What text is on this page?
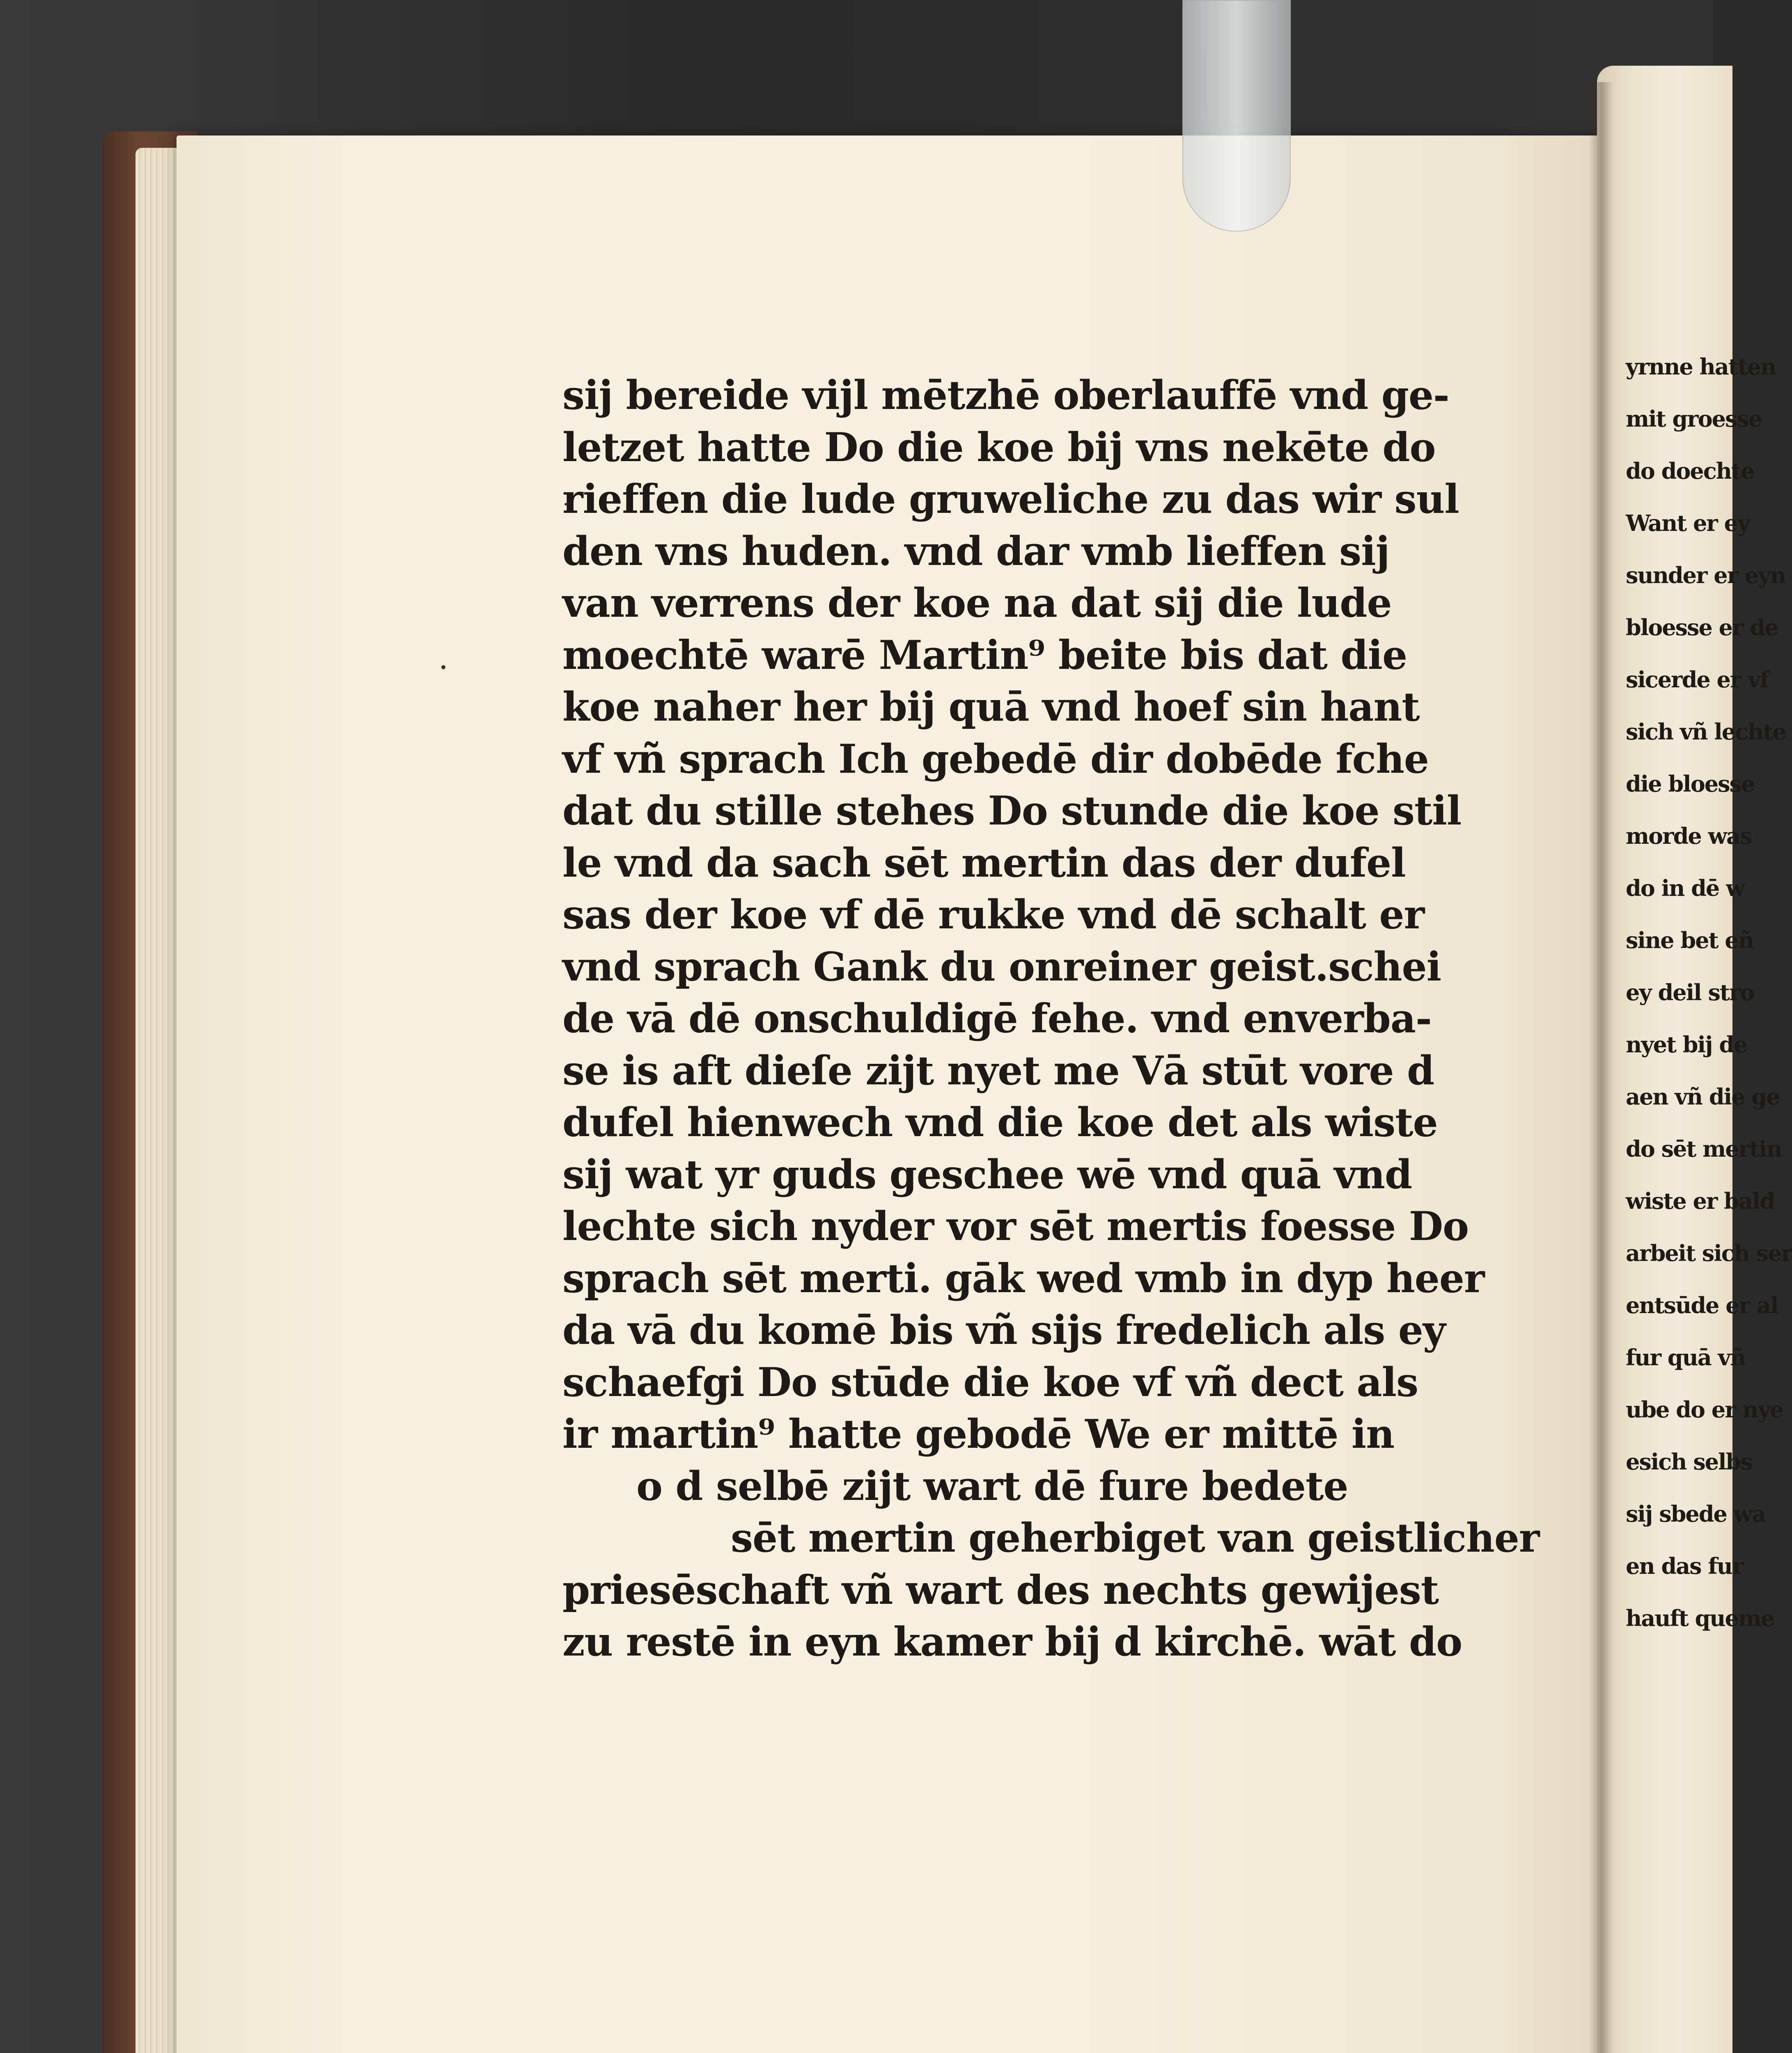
sij bereide vijl mētzhē oberlauffē vnd ge-
letzet hatte Do die koe bij vns nekēte do
rieffen die lude gruweliche zu das wir sul
den vns huden. vnd dar vmb lieffen sij
van verrens der koe na dat sij die lude
moechtē warē Martin⁹ beite bis dat die
koe naher her bij quā vnd hoef sin hant
vf vñ sprach Ich gebedē dir dobēde fche
dat du stille stehes Do stunde die koe stil
le vnd da sach sēt mertin das der dufel
sas der koe vf dē rukke vnd dē schalt er
vnd sprach Gank du onreiner geist.schei
de vā dē onschuldigē fehe. vnd enverba-
se is aft dieſe zijt nyet me Vā stūt vore d
dufel hienwech vnd die koe det als wiste
sij wat yr guds geschee wē vnd quā vnd
lechte sich nyder vor sēt mertis foesse Do
sprach sēt merti. gāk wed vmb in dyp heer
da vā du komē bis vñ sijs fredelich als ey
schaefgi Do stūde die koe vf vñ dect als
ir martin⁹ hatte gebodē We er mittē in
o d selbē zijt wart dē fure bedete
sēt mertin geherbiget van geistlicher
priesēschaft vñ wart des nechts gewijest
zu restē in eyn kamer bij d kirchē. wāt do
yrnne hatten
mit groesse
do doechte
Want er ey
sunder er eyn
bloesse er de
sicerde er vf
sich vñ lechte
die bloesse
morde was
do in dē w
sine bet eñ
ey deil stro
nyet bij de
aen vñ die ge
do sēt mertin
wiste er bald
arbeit sich ser
entsūde er al
fur quā vñ
ube do er nye
esich selbs
sij sbede wa
en das fur
hauft queme
